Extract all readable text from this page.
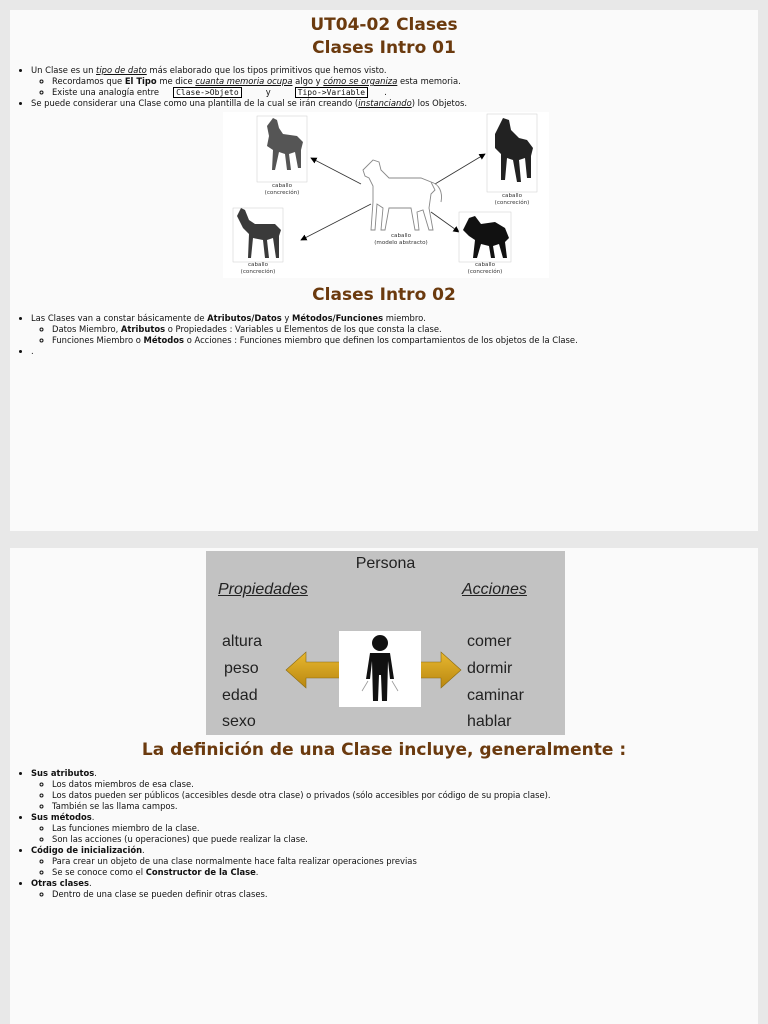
UT04-02 Clases
Clases Intro 01
• Un Clase es un tipo de dato más elaborado que los tipos primitivos que hemos visto.
◦ Recordamos que El Tipo me dice cuanta memoria ocupa algo y cómo se organiza esta memoria.
◦ Existe una analogía entre Clase->Objeto	y	Tipo->Variable .
• Se puede considerar una Clase como una plantilla de la cual se irán creando (instanciando) los Objetos.
caballo
(concreción)	caballo
(concreción)
caballo
(modelo abstracto)
caballo
(concreción)
caballo
(concreción)
Clases Intro 02
• Las Clases van a constar básicamente de Atributos/Datos y Métodos/Funciones miembro.
◦ Datos Miembro, Atributos o Propiedades : Variables u Elementos de los que consta la clase.
◦ Funciones Miembro o Métodos o Acciones : Funciones miembro que definen los compartamientos de los objetos de la Clase.
• .
Persona
Propiedades	Acciones
altura
peso
edad
sexo
comer
dormir
caminar
hablar
La definición de una Clase incluye, generalmente :
• Sus atributos.
◦ Los datos miembros de esa clase.
◦ Los datos pueden ser públicos (accesibles desde otra clase) o privados (sólo accesibles por código de su propia clase).
◦ También se las llama campos.
• Sus métodos.
◦ Las funciones miembro de la clase.
◦ Son las acciones (u operaciones) que puede realizar la clase.
• Código de inicialización.
◦ Para crear un objeto de una clase normalmente hace falta realizar operaciones previas
◦ Se se conoce como el Constructor de la Clase.
• Otras clases.
◦ Dentro de una clase se pueden definir otras clases.
